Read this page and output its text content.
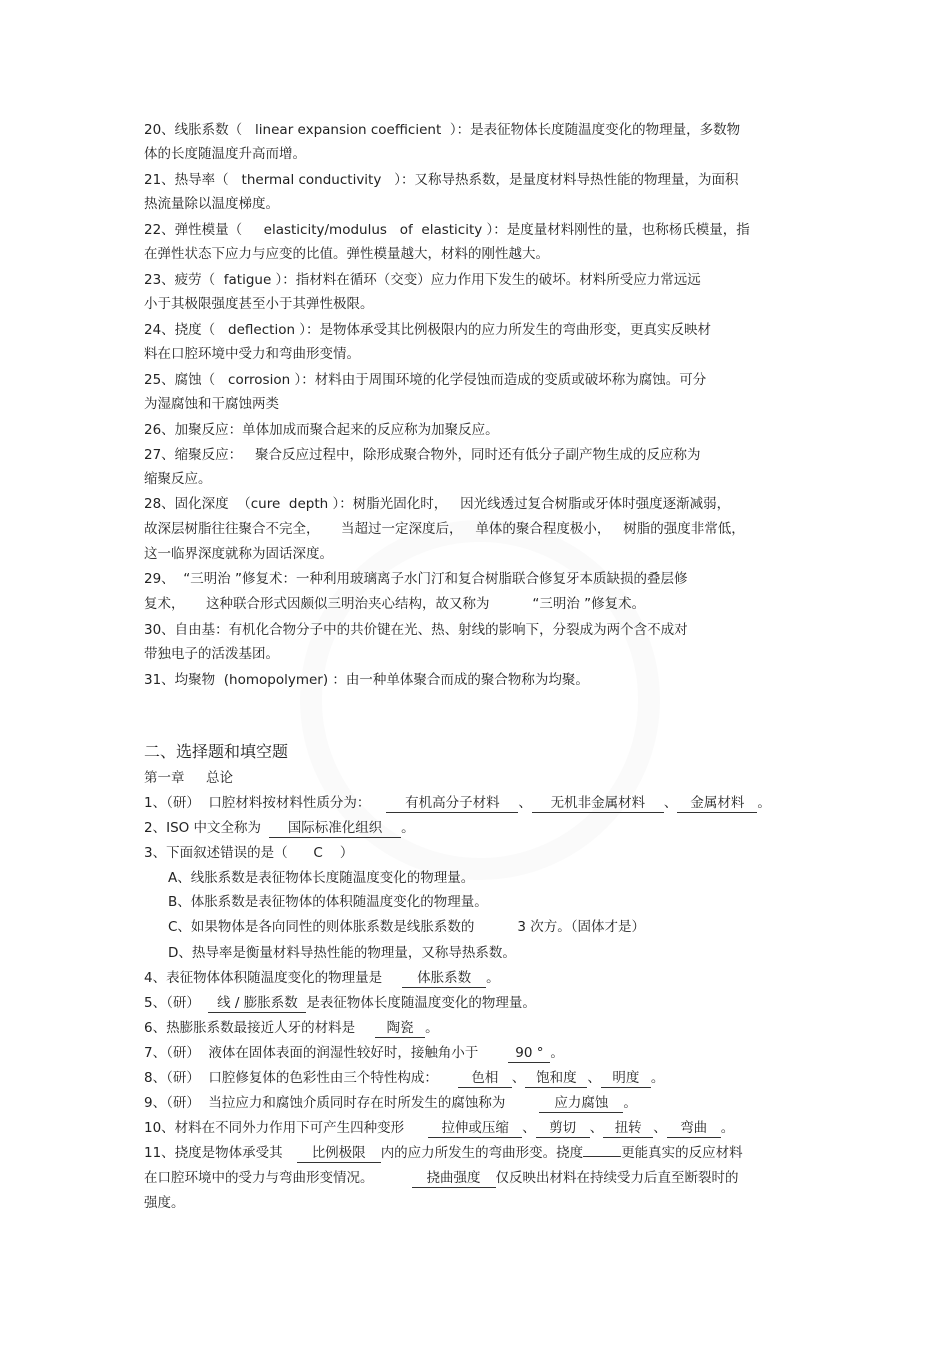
20、线胀系数（   linear expansion coefficient  ）：是表征物体长度随温度变化的物理量，多数物
体的长度随温度升高而增。
21、热导率（   thermal conductivity   ）：又称导热系数，是量度材料导热性能的物理量，为面积
热流量除以温度梯度。
22、弹性模量（     elasticity/modulus   of  elasticity ）：是度量材料刚性的量，也称杨氏模量，指
在弹性状态下应力与应变的比值。弹性模量越大，材料的刚性越大。
23、疲劳（  fatigue ）：指材料在循环（交变）应力作用下发生的破坏。材料所受应力常远远
小于其极限强度甚至小于其弹性极限。
24、挠度（   deflection ）：是物体承受其比例极限内的应力所发生的弯曲形变，更真实反映材
料在口腔环境中受力和弯曲形变情。
25、腐蚀（   corrosion ）：材料由于周围环境的化学侵蚀而造成的变质或破坏称为腐蚀。可分
为湿腐蚀和干腐蚀两类
26、加聚反应：单体加成而聚合起来的反应称为加聚反应。
27、缩聚反应：   聚合反应过程中，除形成聚合物外，同时还有低分子副产物生成的反应称为
缩聚反应。
28、固化深度  （cure  depth ）：树脂光固化时，   因光线透过复合树脂或牙体时强度逐渐减弱，
故深层树脂往往聚合不完全，     当超过一定深度后，   单体的聚合程度极小，   树脂的强度非常低，
这一临界深度就称为固话深度。
29、  “三明治 ”修复术：一种利用玻璃离子水门汀和复合树脂联合修复牙本质缺损的叠层修
复术，     这种联合形式因颇似三明治夹心结构，故又称为          “三明治 ”修复术。
30、自由基：有机化合物分子中的共价键在光、热、射线的影响下，分裂成为两个含不成对
带独电子的活泼基团。
31、均聚物  (homopolymer) ：由一种单体聚合而成的聚合物称为均聚。
二、选择题和填空题
第一章     总论
1、（研）  口腔材料按材料性质分为：	有机高分子材料 、 无机非金属材料 、 金属材料 。
2、ISO 中文全称为 国际标准化组织 。
3、下面叙述错误的是（      C    ）
A、线胀系数是表征物体长度随温度变化的物理量。
B、体胀系数是表征物体的体积随温度变化的物理量。
C、如果物体是各向同性的则体胀系数是线胀系数的          3 次方。（固体才是）
D、热导率是衡量材料导热性能的物理量，又称导热系数。
4、表征物体体积随温度变化的物理量是	体胀系数 。
5、（研）  线 / 膨胀系数 是表征物体长度随温度变化的物理量。
6、热膨胀系数最接近人牙的材料是 陶瓷 。
7、（研）  液体在固体表面的润湿性较好时，接触角小于	90 ° 。
8、（研）  口腔修复体的色彩性由三个特性构成： 色相 、 饱和度 、 明度 。
9、（研）  当拉应力和腐蚀介质同时存在时所发生的腐蚀称为	应力腐蚀 。
10、材料在不同外力作用下可产生四种变形	拉伸或压缩 、 剪切 、 扭转 、 弯曲 。
11、挠度是物体承受其 比例极限 内的应力所发生的弯曲形变。挠度	更能真实的反应材料
在口腔环境中的受力与弯曲形变情况。	挠曲强度 仅反映出材料在持续受力后直至断裂时的
强度。
